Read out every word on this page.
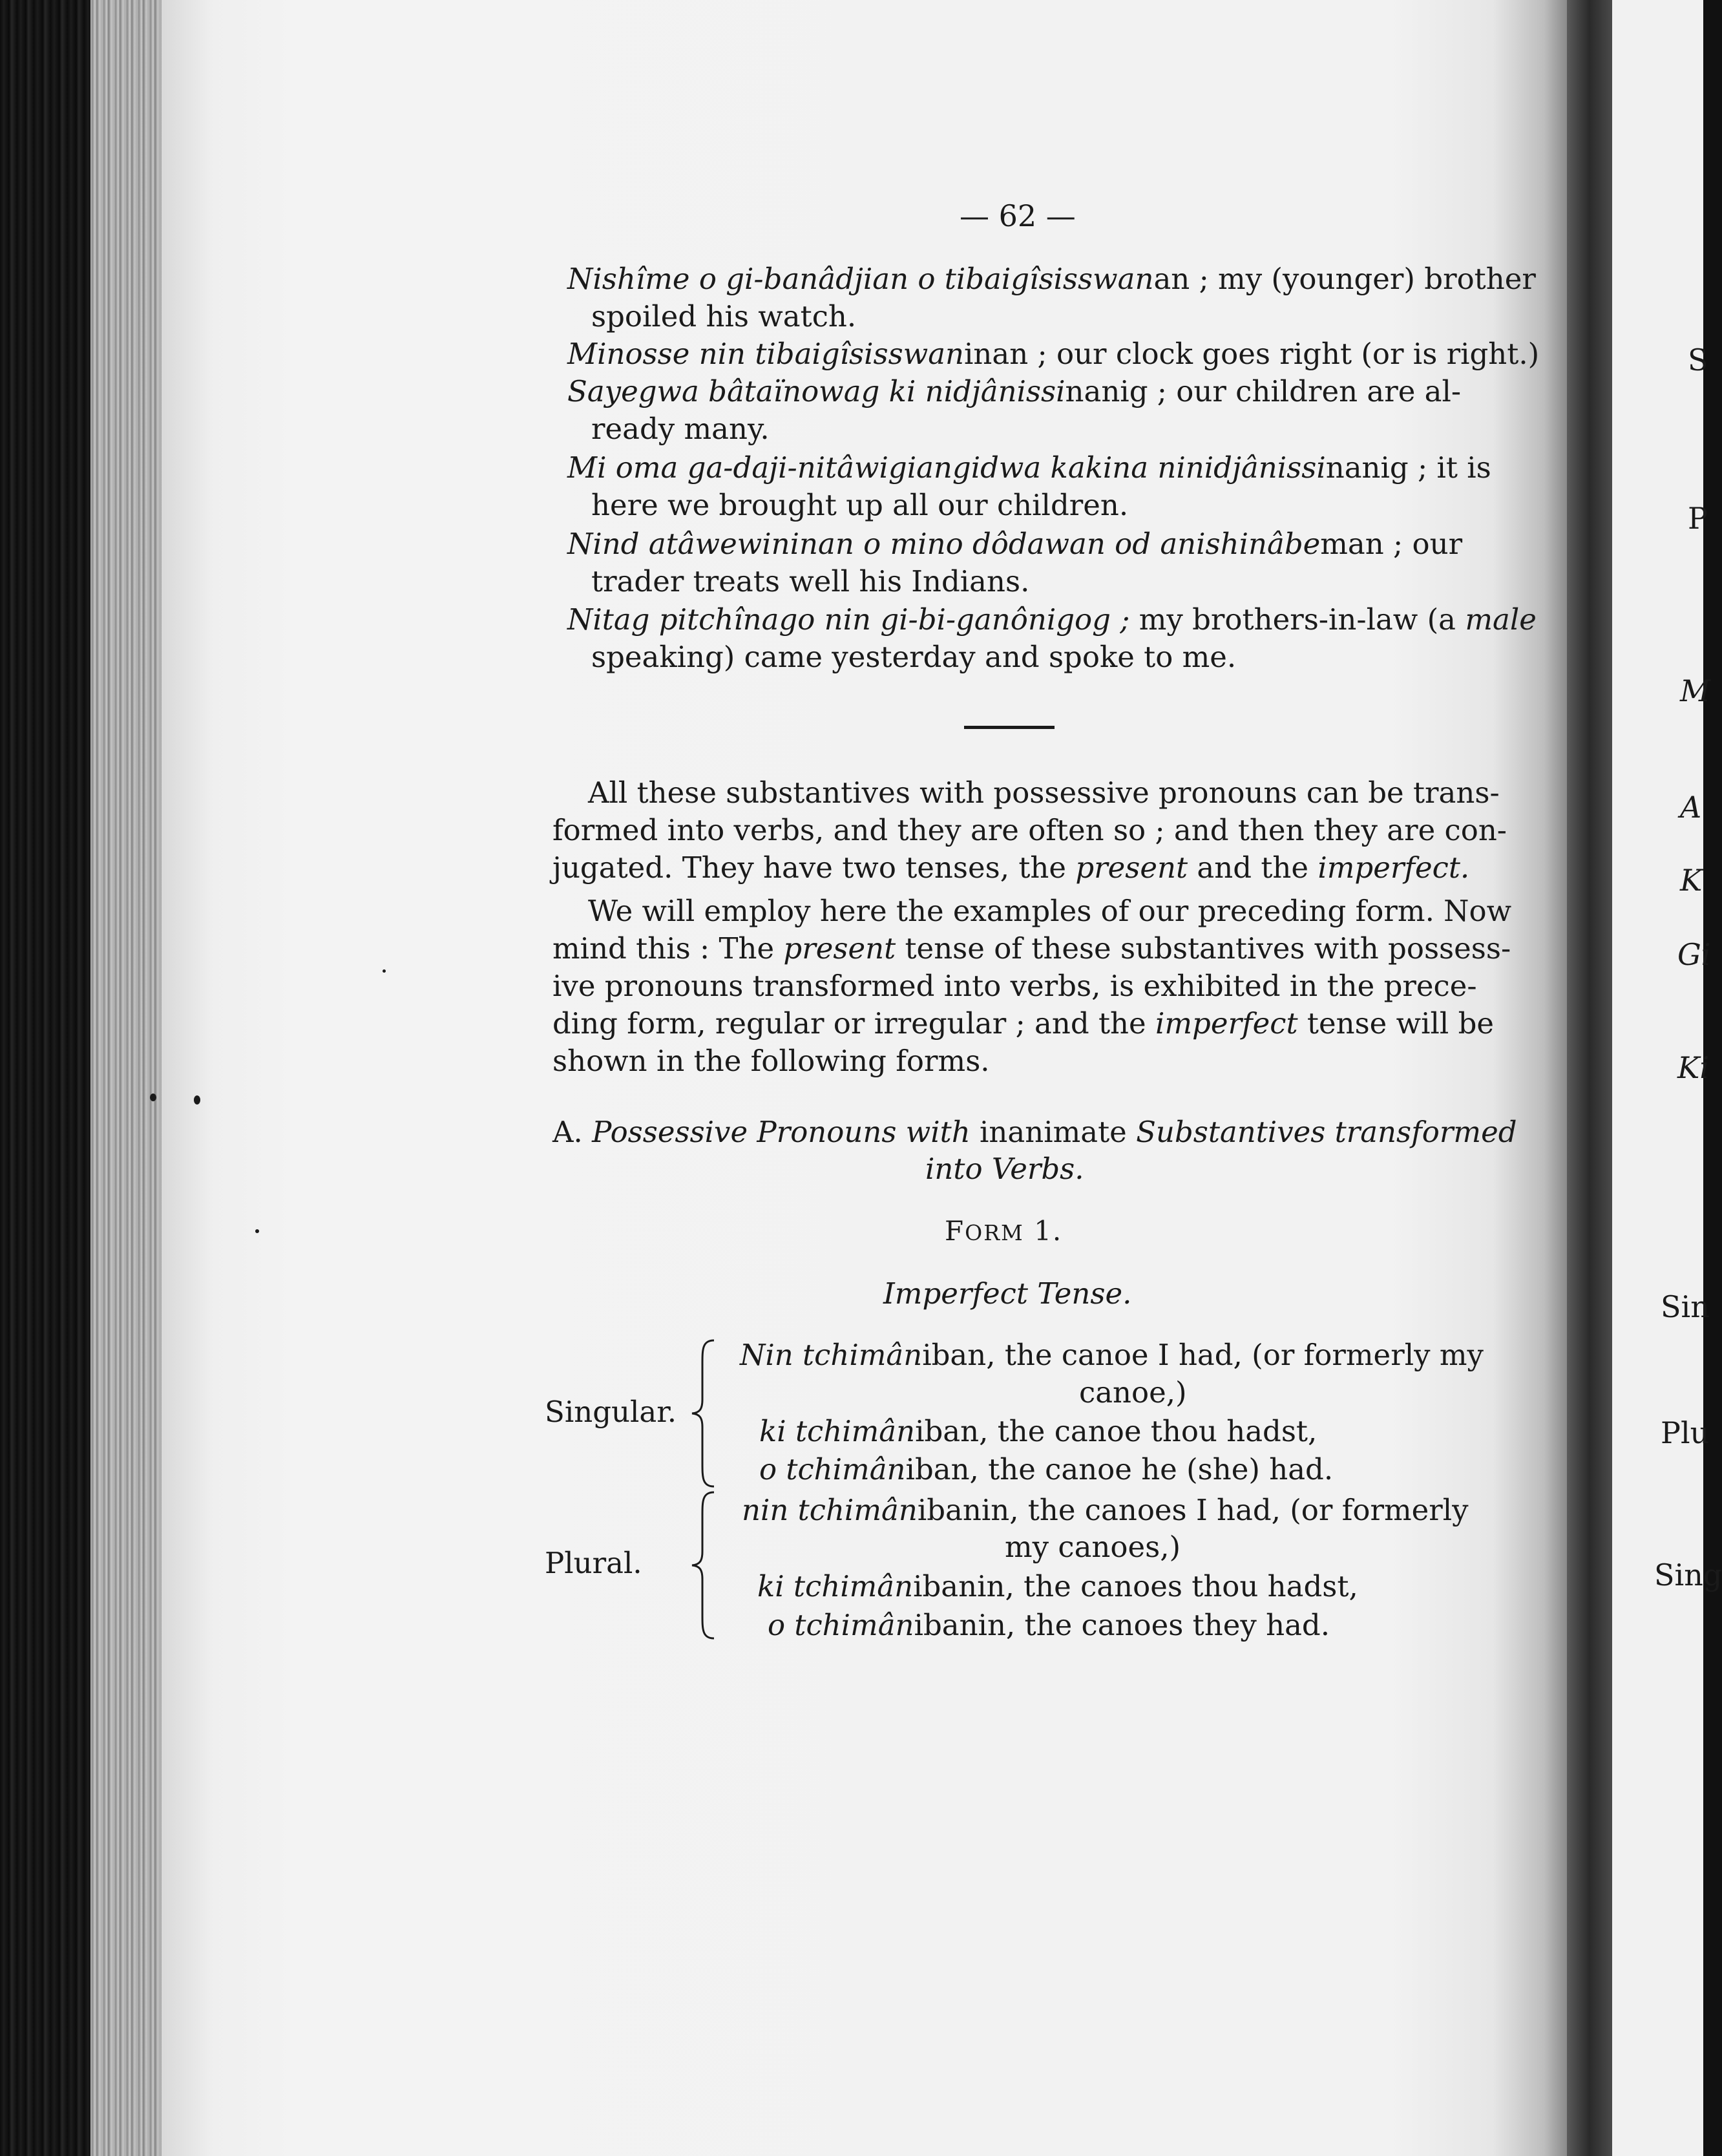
S
P
M
A
K
Gi
Ki
Sin
Plu
Sing
— 62 —
Nishîme o gi-banâdjian o tibaigîsisswanan ; my (younger) brother
spoiled his watch.
Minosse nin tibaigîsisswaninan ; our clock goes right (or is right.)
Sayegwa bâtaïnowag ki nidjânissinanig ; our children are al-
ready many.
Mi oma ga-daji-nitâwigiangidwa kakina ninidjânissinanig ; it is
here we brought up all our children.
Nind atâwewininan o mino dôdawan od anishinâbeman ; our
trader treats well his Indians.
Nitag pitchînago nin gi-bi-ganônigog ; my brothers-in-law (a male
speaking) came yesterday and spoke to me.
All these substantives with possessive pronouns can be trans-
formed into verbs, and they are often so ; and then they are con-
jugated. They have two tenses, the present and the imperfect.
We will employ here the examples of our preceding form. Now
mind this : The present tense of these substantives with possess-
ive pronouns transformed into verbs, is exhibited in the prece-
ding form, regular or irregular ; and the imperfect tense will be
shown in the following forms.
A. Possessive Pronouns with inanimate Substantives transformed
into Verbs.
FORM 1.
Imperfect Tense.
Singular.
Nin tchimâniban, the canoe I had, (or formerly my
canoe,)
ki tchimâniban, the canoe thou hadst,
o tchimâniban, the canoe he (she) had.
Plural.
nin tchimânibanin, the canoes I had, (or formerly
my canoes,)
ki tchimânibanin, the canoes thou hadst,
o tchimânibanin, the canoes they had.
